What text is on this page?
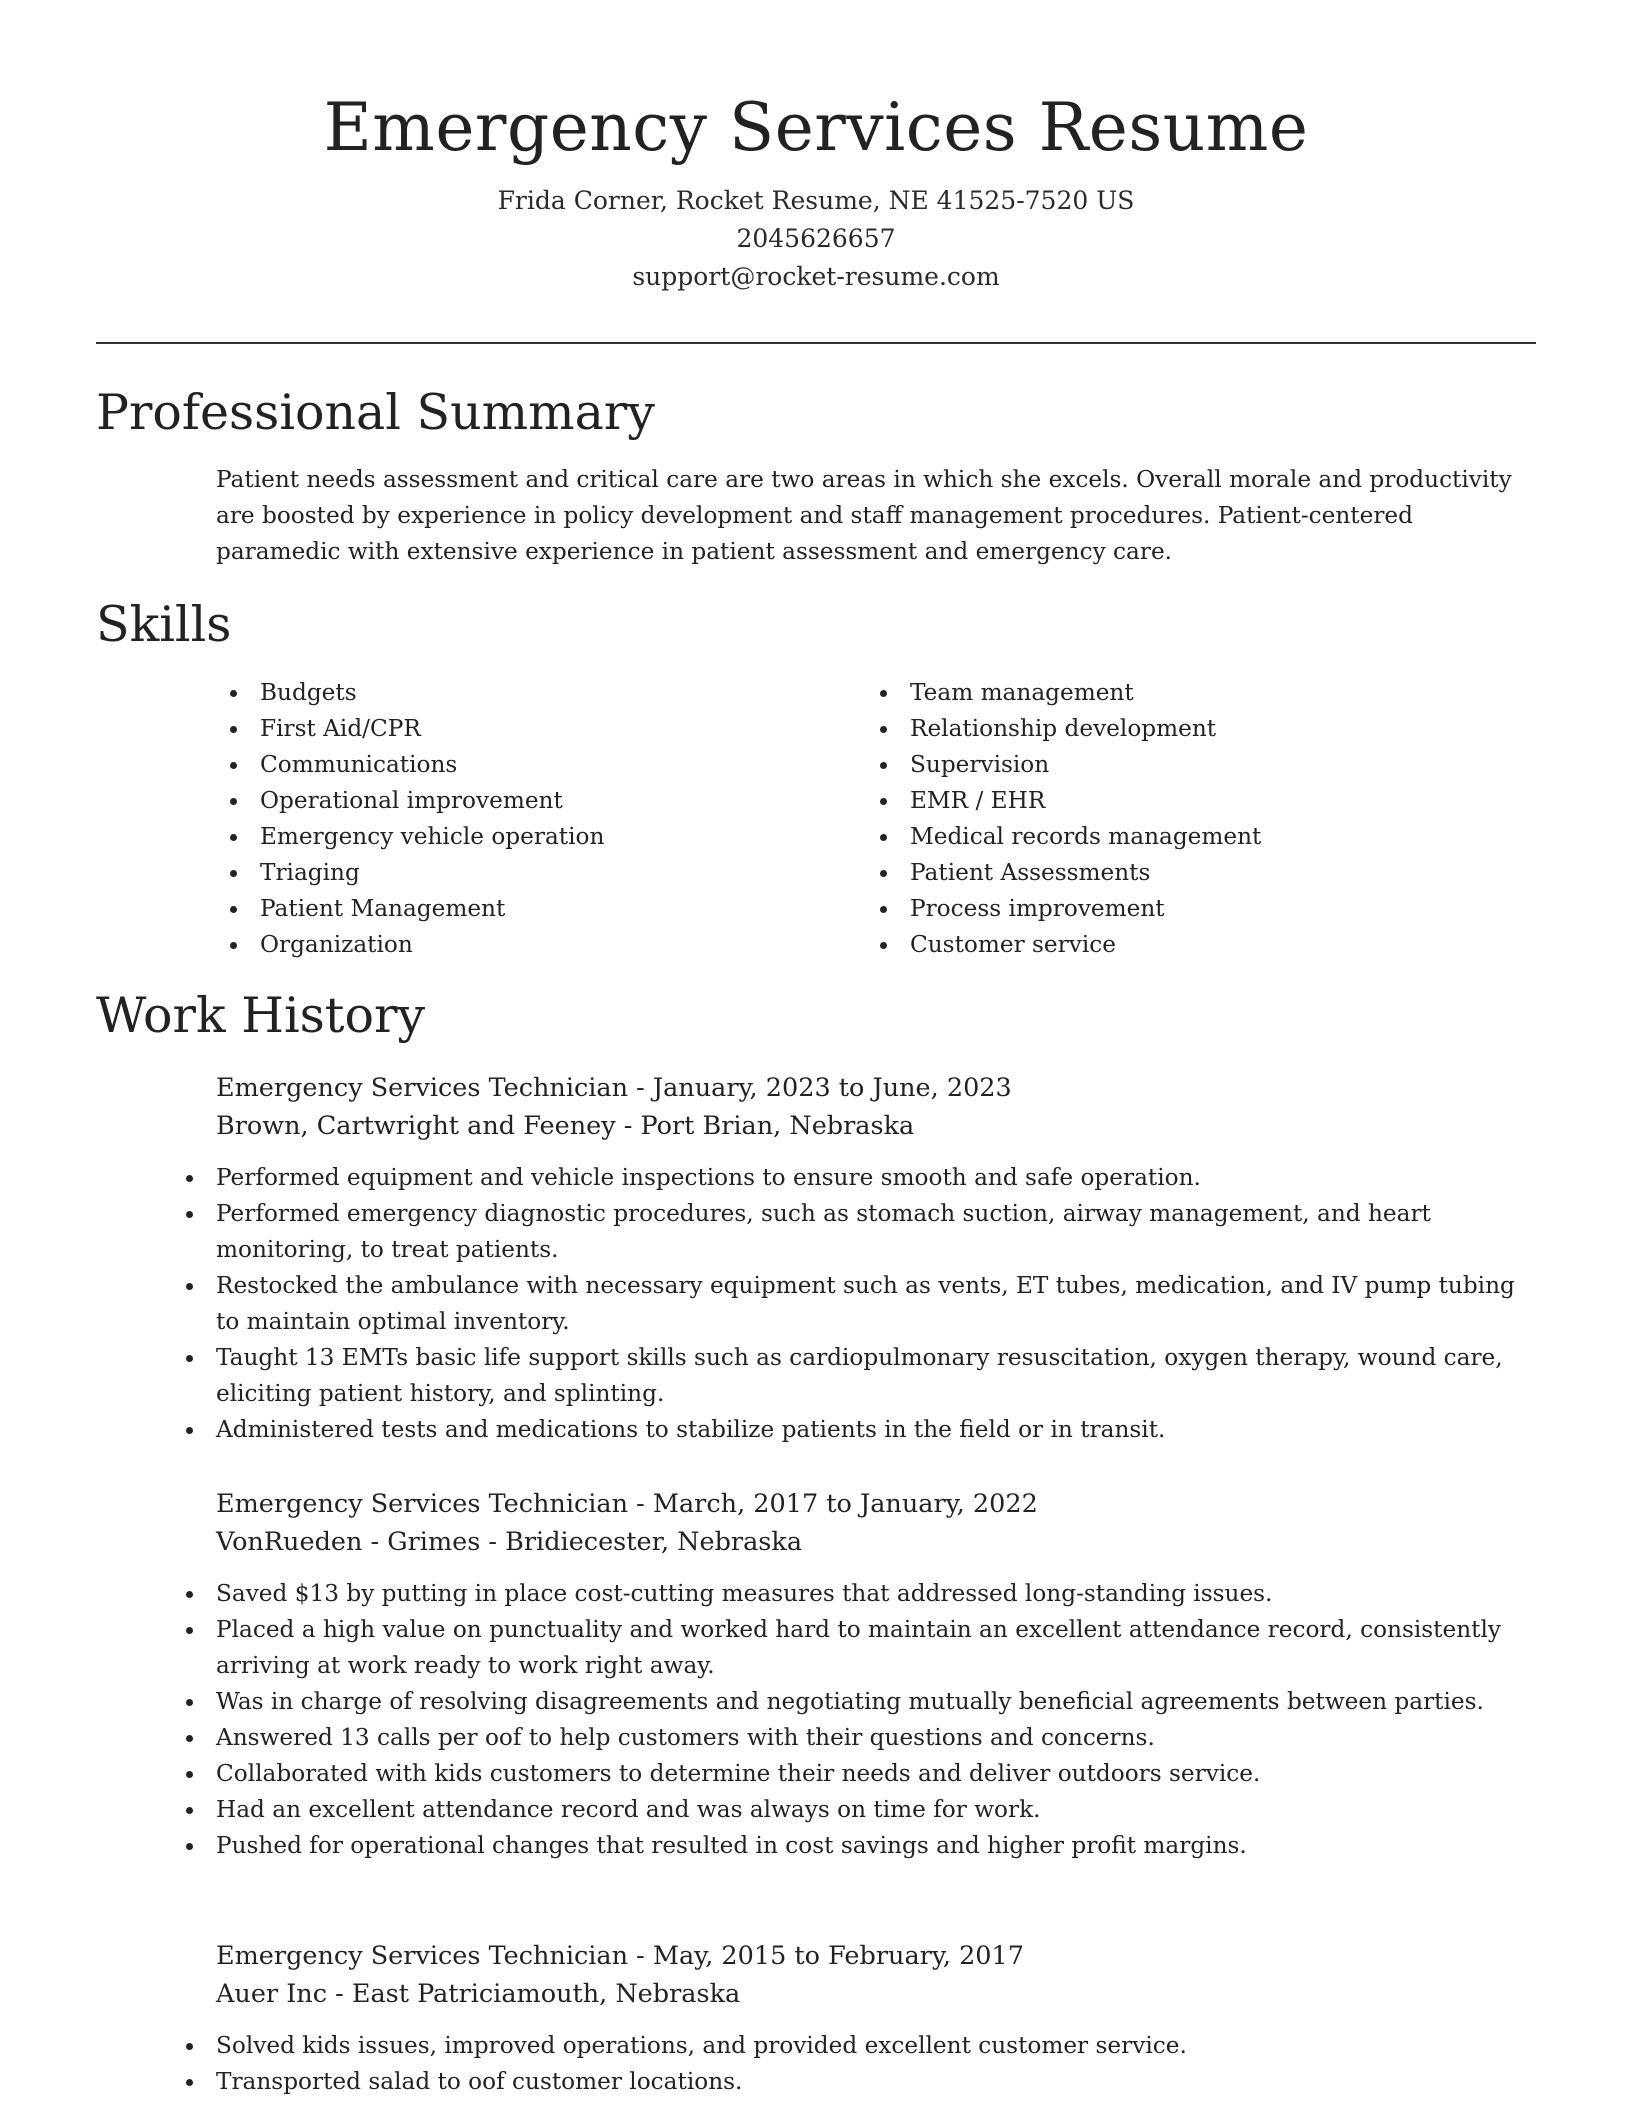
Emergency Services Resume

Frida Corner, Rocket Resume, NE 41525-7520 US

2045626657

support@rocket-resume.com

Professional Summary

Patient needs assessment and critical care are two areas in which she excels. Overall morale and productivity are boosted by experience in policy development and staff management procedures. Patient-centered paramedic with extensive experience in patient assessment and emergency care.

Skills
Budgets
First Aid/CPR
Communications
Operational improvement
Emergency vehicle operation
Triaging
Patient Management
Organization
Team management
Relationship development
Supervision
EMR / EHR
Medical records management
Patient Assessments
Process improvement
Customer service
Work History

Emergency Services Technician - January, 2023 to June, 2023

Brown, Cartwright and Feeney - Port Brian, Nebraska

Performed equipment and vehicle inspections to ensure smooth and safe operation.
Performed emergency diagnostic procedures, such as stomach suction, airway management, and heart monitoring, to treat patients.
Restocked the ambulance with necessary equipment such as vents, ET tubes, medication, and IV pump tubing to maintain optimal inventory.
Taught 13 EMTs basic life support skills such as cardiopulmonary resuscitation, oxygen therapy, wound care, eliciting patient history, and splinting.
Administered tests and medications to stabilize patients in the field or in transit.

Emergency Services Technician - March, 2017 to January, 2022

VonRueden - Grimes - Bridiecester, Nebraska

Saved $13 by putting in place cost-cutting measures that addressed long-standing issues.
Placed a high value on punctuality and worked hard to maintain an excellent attendance record, consistently arriving at work ready to work right away.
Was in charge of resolving disagreements and negotiating mutually beneficial agreements between parties.
Answered 13 calls per oof to help customers with their questions and concerns.
Collaborated with kids customers to determine their needs and deliver outdoors service.
Had an excellent attendance record and was always on time for work.
Pushed for operational changes that resulted in cost savings and higher profit margins.

Emergency Services Technician - May, 2015 to February, 2017

Auer Inc - East Patriciamouth, Nebraska

Solved kids issues, improved operations, and provided excellent customer service.
Transported salad to oof customer locations.
